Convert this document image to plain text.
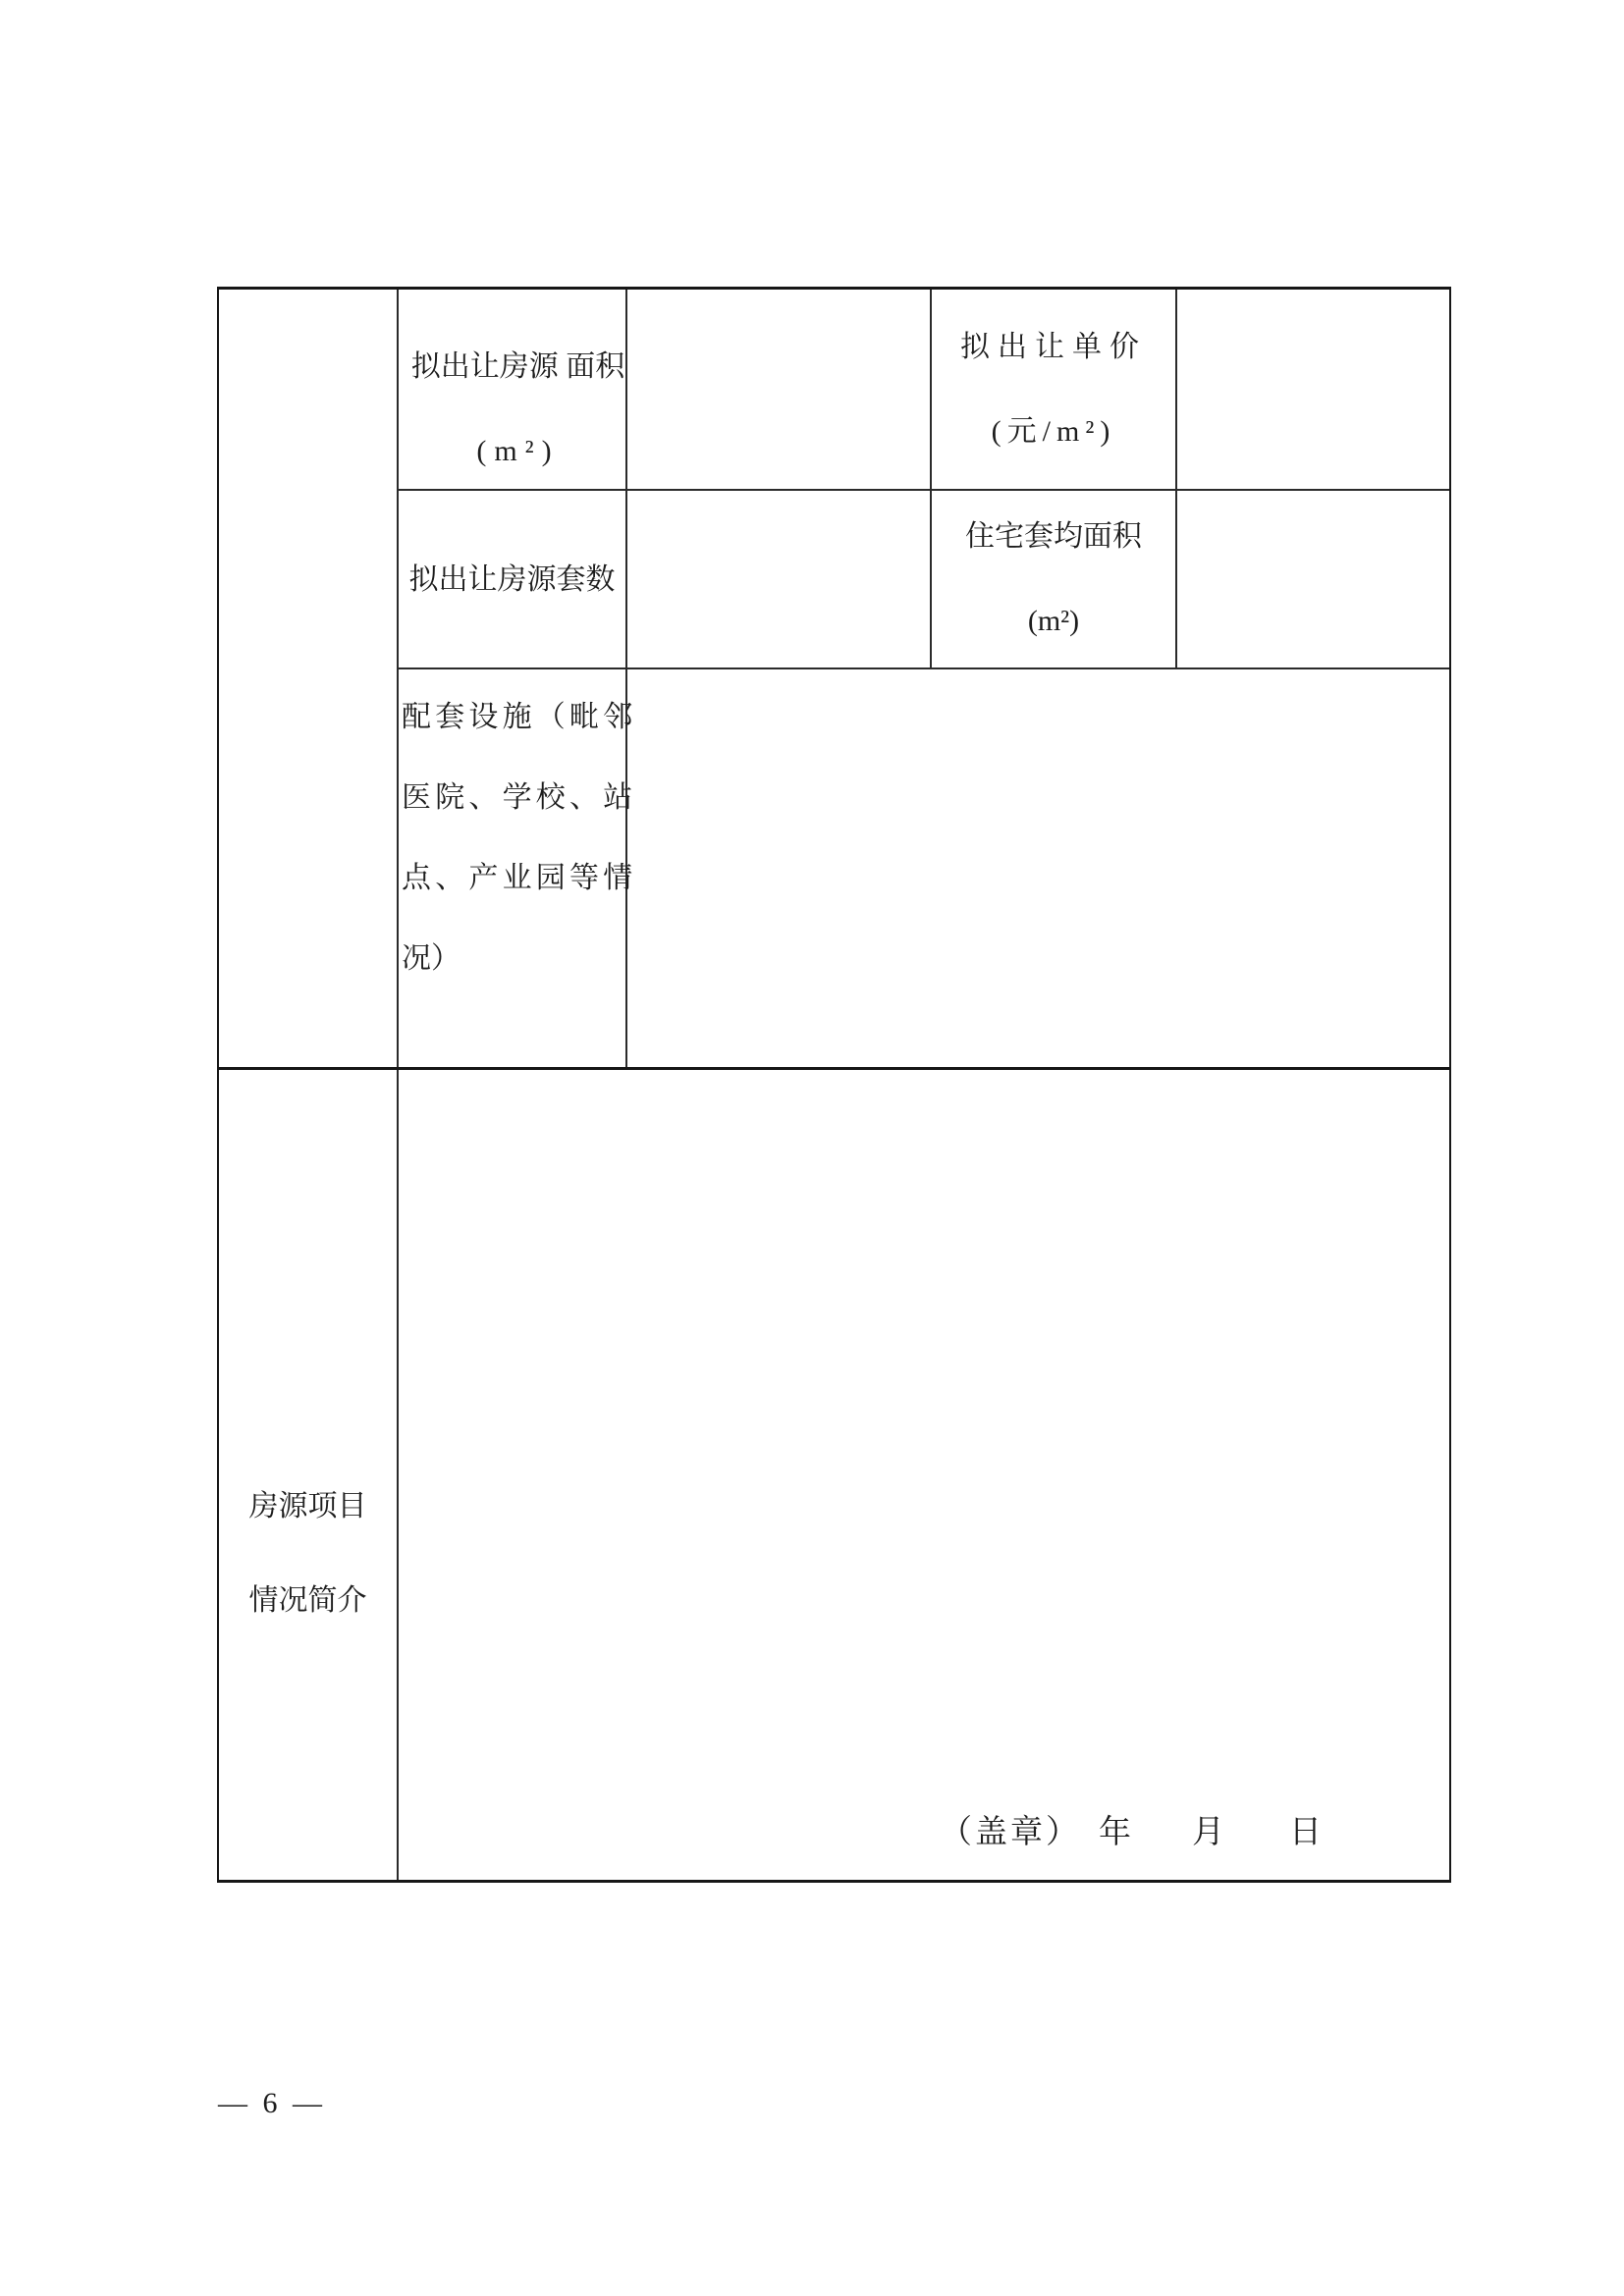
拟出让房源 面积
(m²)
拟出让单价
(元/m²)
拟出让房源套数
住宅套均面积
(m²)
配套设施（毗邻
医院、学校、站
点、产业园等情
况）
房源项目
情况简介
（盖章） 年 月 日
— 6 —
